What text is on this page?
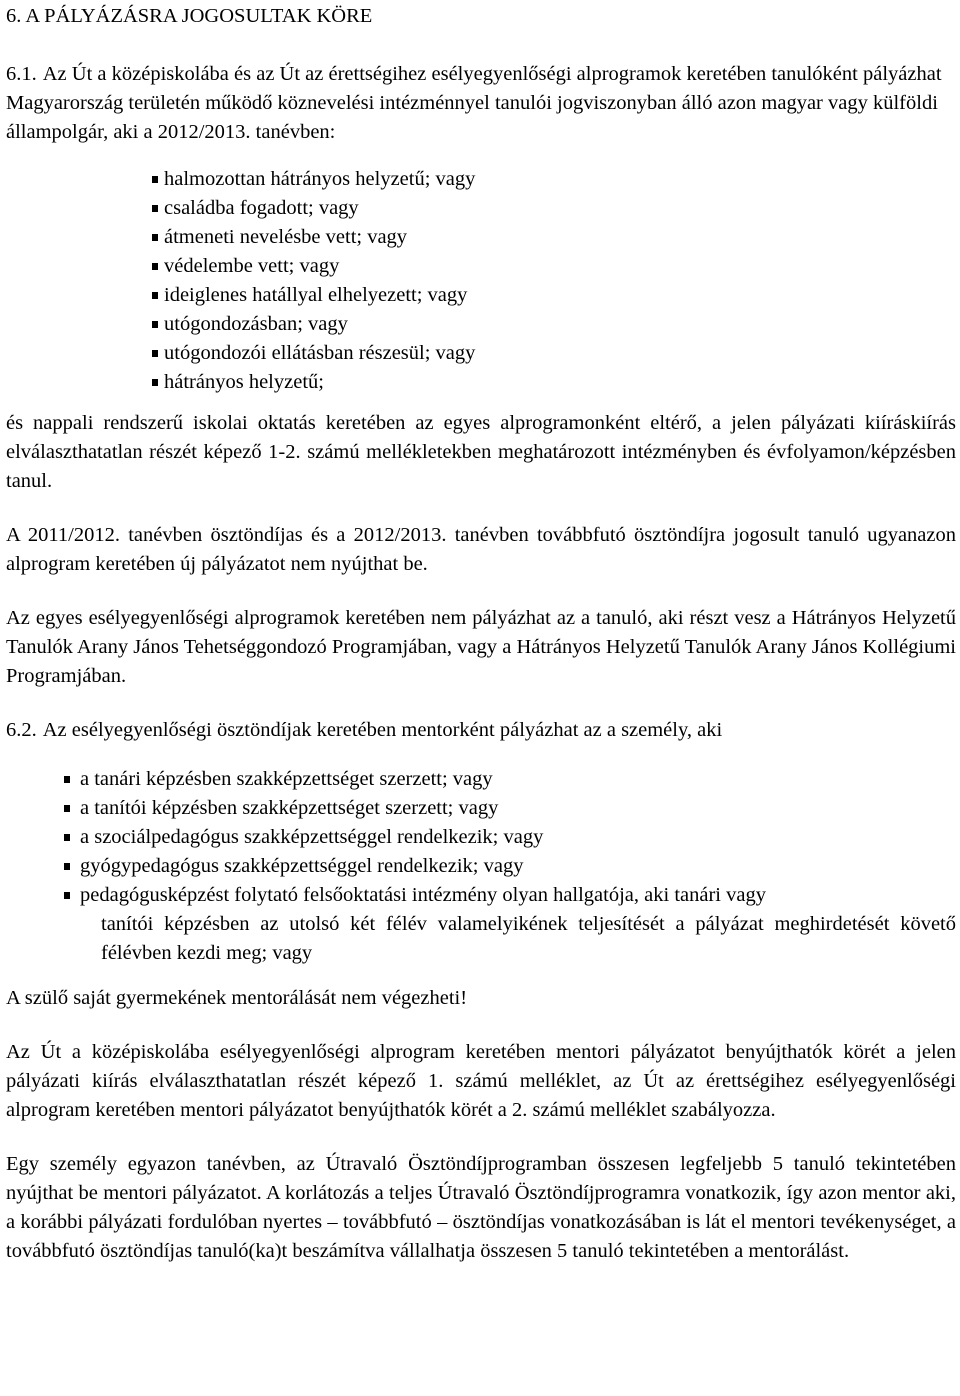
6. A PÁLYÁZÁSRA JOGOSULTAK KÖRE

6.1. Az Út a középiskolába és az Út az érettségihez esélyegyenlőségi alprogramok keretében tanulóként pályázhat Magyarország területén működő köznevelési intézménnyel tanulói jogviszonyban álló azon magyar vagy külföldi állampolgár, aki a 2012/2013. tanévben:

halmozottan hátrányos helyzetű; vagy
családba fogadott; vagy
átmeneti nevelésbe vett; vagy
védelembe vett; vagy
ideiglenes hatállyal elhelyezett; vagy
utógondozásban; vagy
utógondozói ellátásban részesül; vagy
hátrányos helyzetű;

és nappali rendszerű iskolai oktatás keretében az egyes alprogramonként eltérő, a jelen pályázati kiíráskiírás elválaszthatatlan részét képező 1-2. számú mellékletekben meghatározott intézményben és évfolyamon/képzésben tanul.

A 2011/2012. tanévben ösztöndíjas és a 2012/2013. tanévben továbbfutó ösztöndíjra jogosult tanuló ugyanazon alprogram keretében új pályázatot nem nyújthat be.

Az egyes esélyegyenlőségi alprogramok keretében nem pályázhat az a tanuló, aki részt vesz a Hátrányos Helyzetű Tanulók Arany János Tehetséggondozó Programjában, vagy a Hátrányos Helyzetű Tanulók Arany János Kollégiumi Programjában.

6.2. Az esélyegyenlőségi ösztöndíjak keretében mentorként pályázhat az a személy, aki

a tanári képzésben szakképzettséget szerzett; vagy
a tanítói képzésben szakképzettséget szerzett; vagy
a szociálpedagógus szakképzettséggel rendelkezik; vagy
gyógypedagógus szakképzettséggel rendelkezik; vagy
pedagógusképzést folytató felsőoktatási intézmény olyan hallgatója, aki tanári vagy
tanítói képzésben az utolsó két félév valamelyikének teljesítését a pályázat meghirdetését követő félévben kezdi meg; vagy

A szülő saját gyermekének mentorálását nem végezheti!

Az Út a középiskolába esélyegyenlőségi alprogram keretében mentori pályázatot benyújthatók körét a jelen pályázati kiírás elválaszthatatlan részét képező 1. számú melléklet, az Út az érettségihez esélyegyenlőségi alprogram keretében mentori pályázatot benyújthatók körét a 2. számú melléklet szabályozza.

Egy személy egyazon tanévben, az Útravaló Ösztöndíjprogramban összesen legfeljebb 5 tanuló tekintetében nyújthat be mentori pályázatot. A korlátozás a teljes Útravaló Ösztöndíjprogramra vonatkozik, így azon mentor aki, a korábbi pályázati fordulóban nyertes – továbbfutó – ösztöndíjas vonatkozásában is lát el mentori tevékenységet, a továbbfutó ösztöndíjas tanuló(ka)t beszámítva vállalhatja összesen 5 tanuló tekintetében a mentorálást.
